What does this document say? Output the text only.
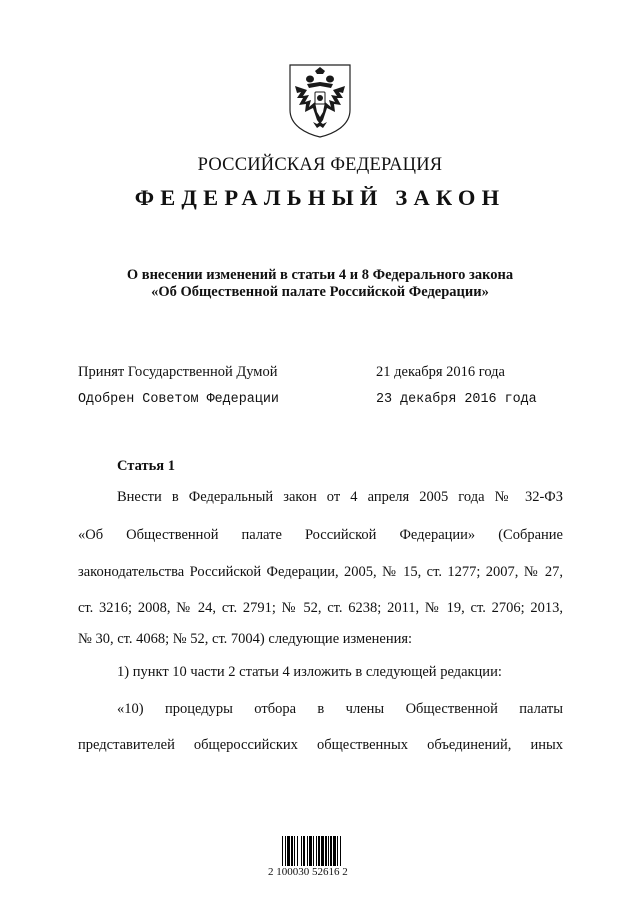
РОССИЙСКАЯ ФЕДЕРАЦИЯ
ФЕДЕРАЛЬНЫЙ ЗАКОН
О внесении изменений в статьи 4 и 8 Федерального закона
«Об Общественной палате Российской Федерации»
Принят Государственной Думой	21 декабря 2016 года
Одобрен Советом Федерации	23 декабря 2016 года
Статья 1
Внести в Федеральный закон от 4 апреля 2005 года № 32-ФЗ
«Об Общественной палате Российской Федерации» (Собрание
законодательства Российской Федерации, 2005, № 15, ст. 1277; 2007, № 27,
ст. 3216; 2008, № 24, ст. 2791; № 52, ст. 6238; 2011, № 19, ст. 2706; 2013,
№ 30, ст. 4068; № 52, ст. 7004) следующие изменения:
1) пункт 10 части 2 статьи 4 изложить в следующей редакции:
«10) процедуры отбора в члены Общественной палаты
представителей общероссийских общественных объединений, иных
2 100030 52616 2
